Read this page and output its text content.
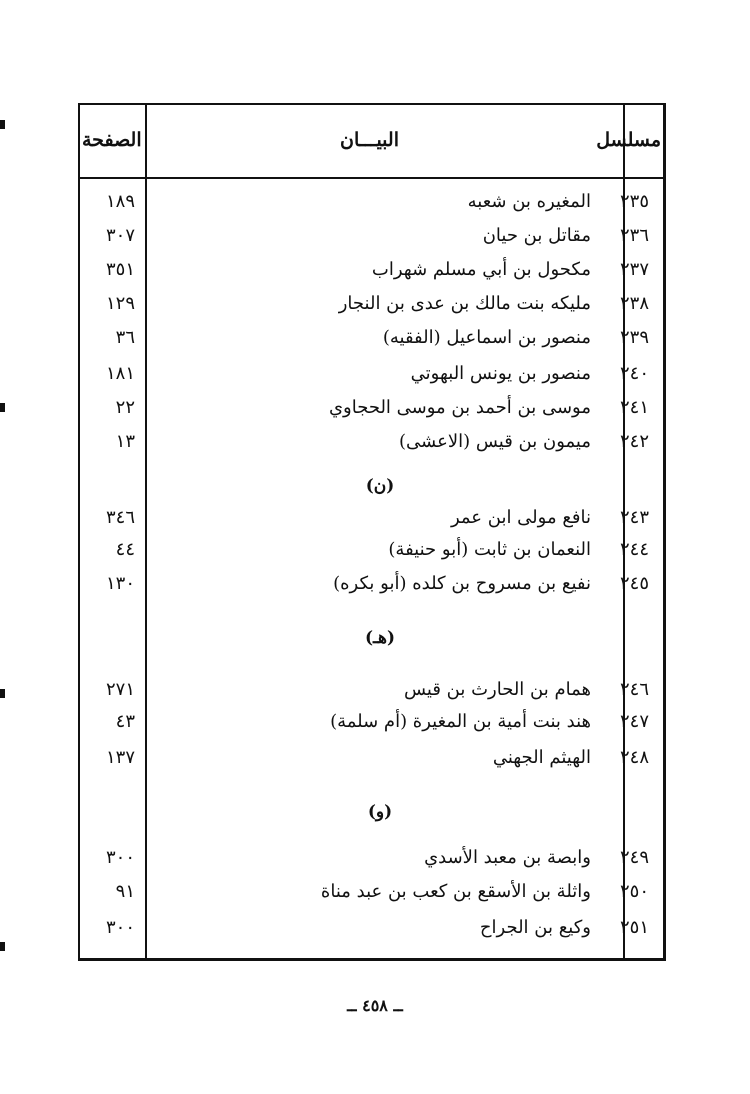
مسلسل
البيـــان
الصفحة
٢٣٥
المغيره بن شعبه
١٨٩
٢٣٦
مقاتل بن حيان
٣٠٧
٢٣٧
مكحول بن أبي مسلم شهراب
٣٥١
٢٣٨
مليكه بنت مالك بن عدى بن النجار
١٢٩
٢٣٩
منصور بن اسماعيل (الفقيه)
٣٦
٢٤٠
منصور بن يونس البهوتي
١٨١
٢٤١
موسى بن أحمد بن موسى الحجاوي
٢٢
٢٤٢
ميمون بن قيس (الاعشى)
١٣
(ن)
٢٤٣
نافع مولى ابن عمر
٣٤٦
٢٤٤
النعمان بن ثابت (أبو حنيفة)
٤٤
٢٤٥
نفيع بن مسروح بن كلده (أبو بكره)
١٣٠
(هـ)
٢٤٦
همام بن الحارث بن قيس
٢٧١
٢٤٧
هند بنت أمية بن المغيرة (أم سلمة)
٤٣
٢٤٨
الهيثم الجهني
١٣٧
(و)
٢٤٩
وابصة بن معبد الأسدي
٣٠٠
٢٥٠
واثلة بن الأسقع بن كعب بن عبد مناة
٩١
٢٥١
وكيع بن الجراح
٣٠٠
ــ ٤٥٨ ــ
